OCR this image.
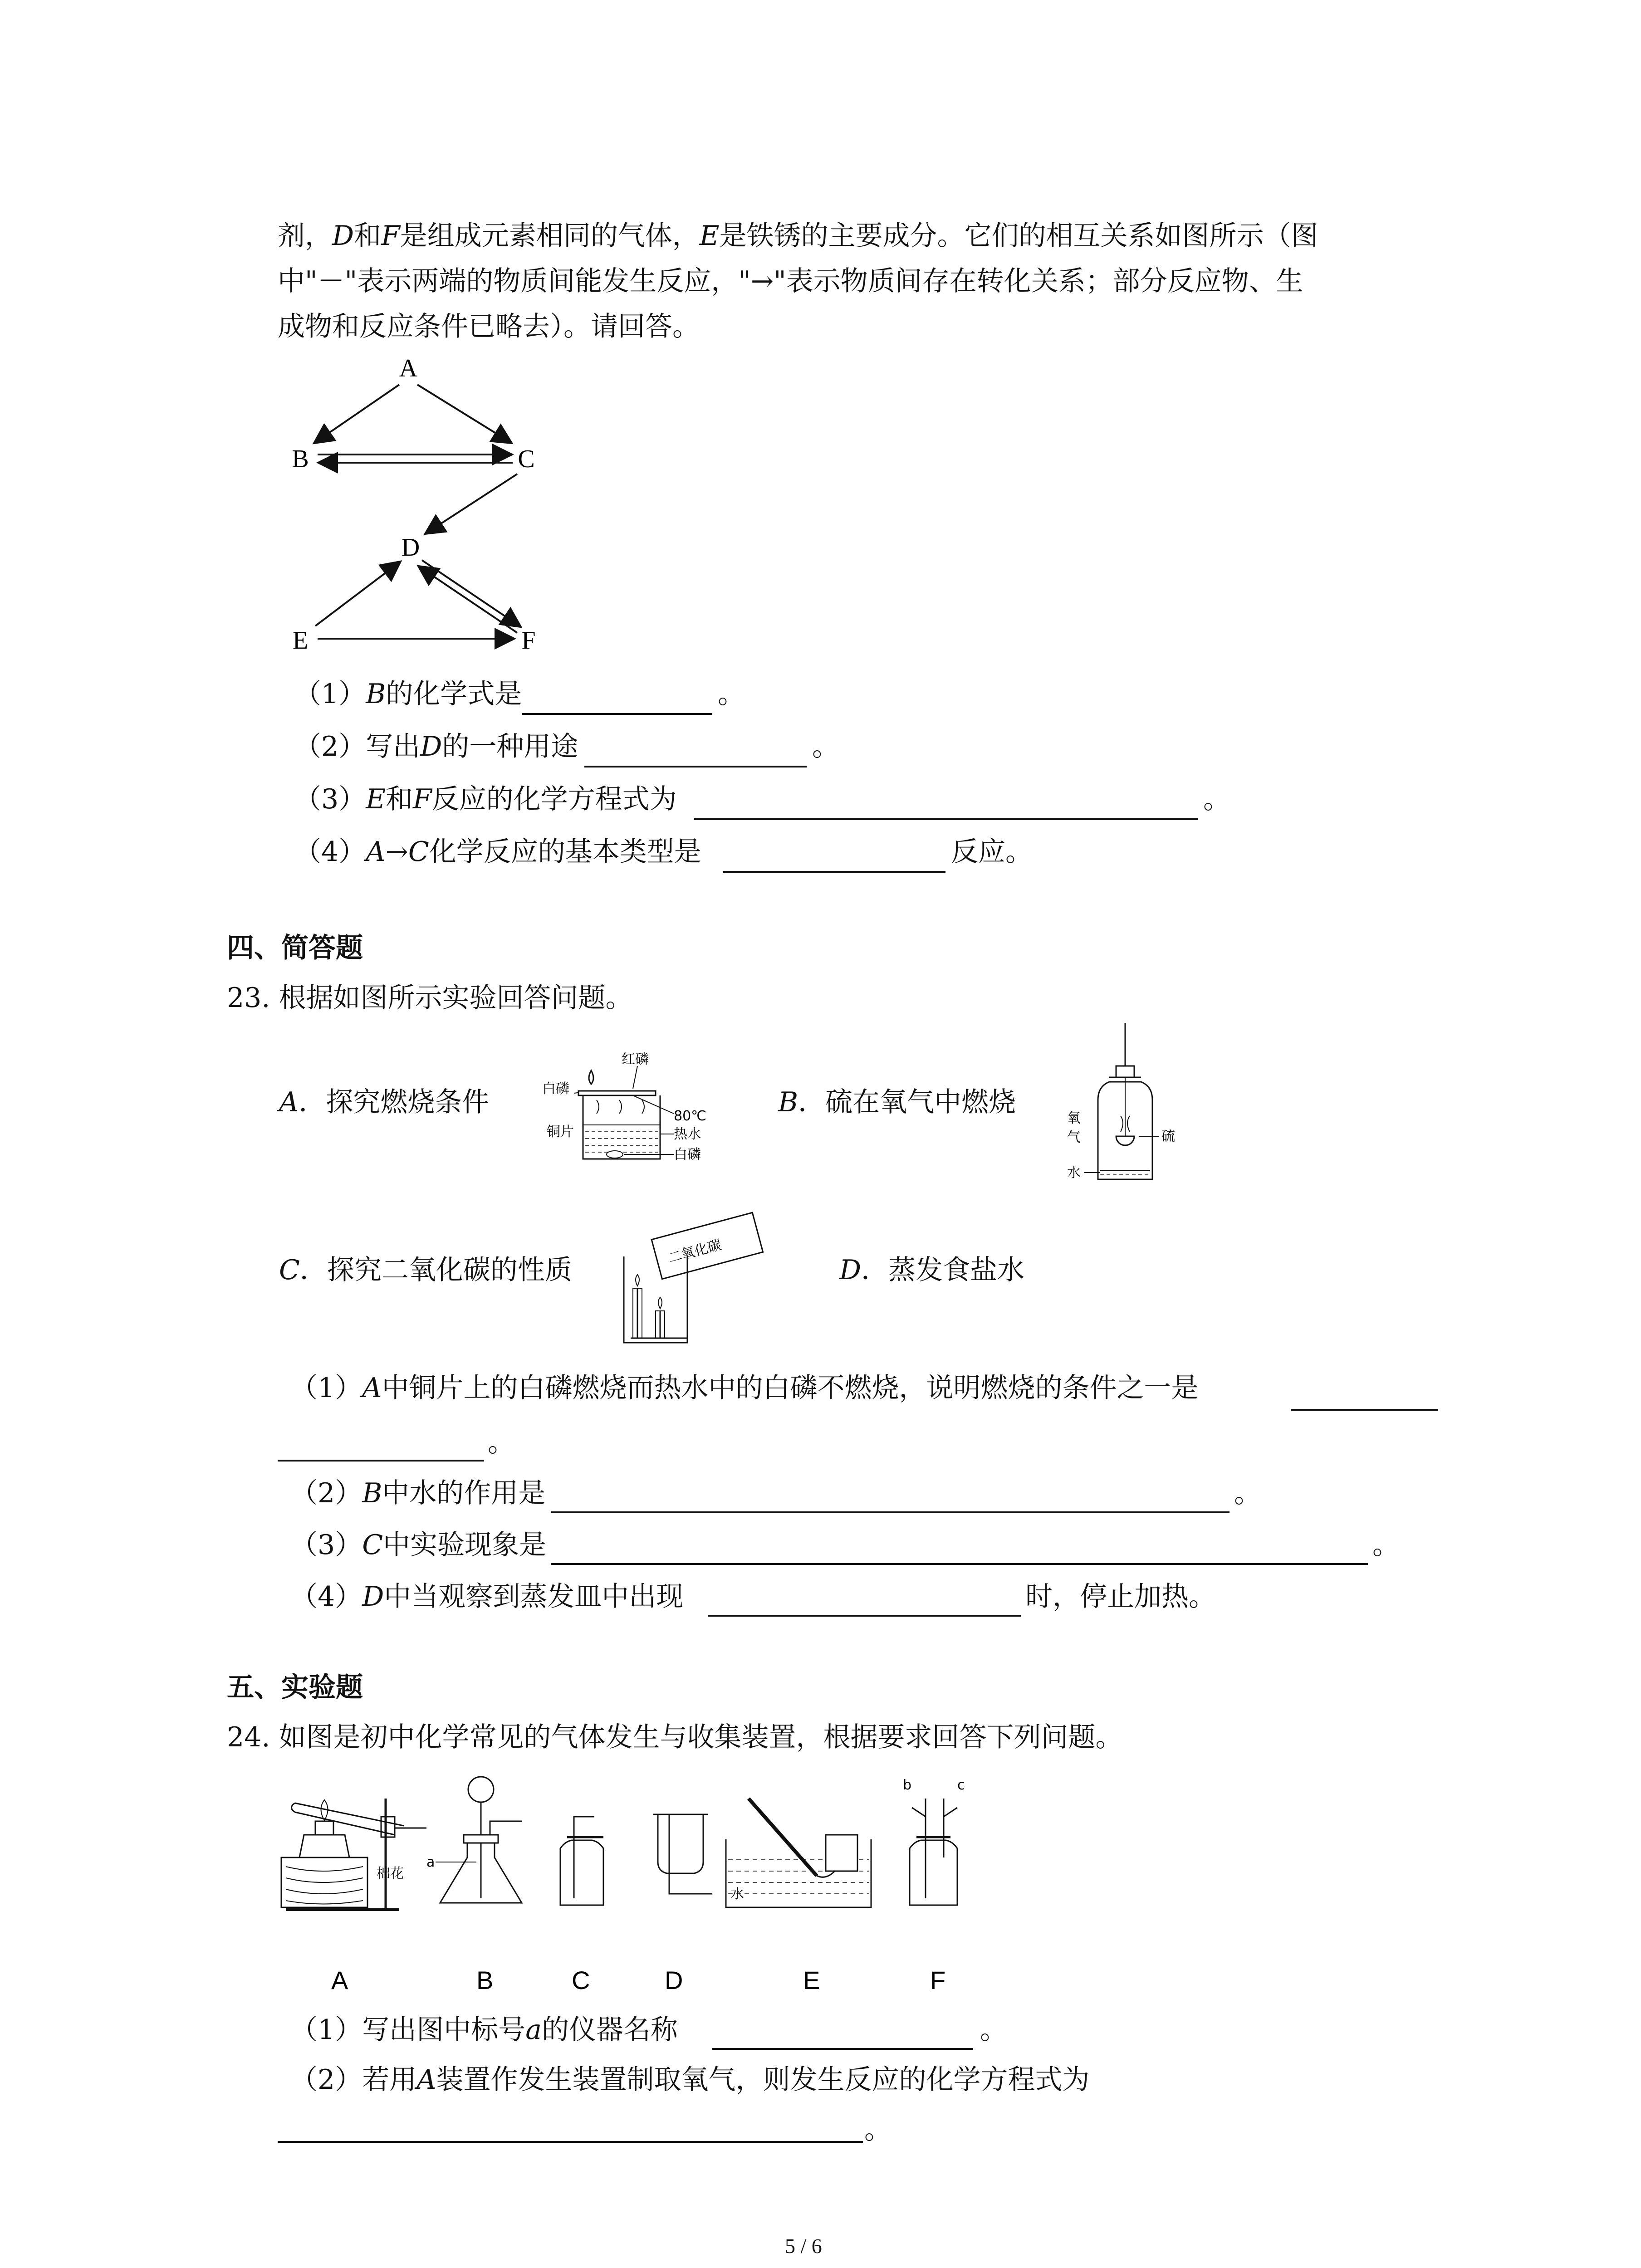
剂，D和F是组成元素相同的气体，E是铁锈的主要成分。它们的相互关系如图所示（图
中"－"表示两端的物质间能发生反应，"→"表示物质间存在转化关系；部分反应物、生
成物和反应条件已略去）。请回答。
A
B	C
D
E	F
（1）B的化学式是	。
（2）写出D的一种用途	。
（3）E和F反应的化学方程式为	。
（4）A→C化学反应的基本类型是	反应。
四、简答题
23. 根据如图所示实验回答问题。
A．探究燃烧条件
红磷
白磷
80℃
铜片	热水
白磷
B．硫在氧气中燃烧
氧
气	硫
水
C．探究二氧化碳的性质
二氧化碳
D．蒸发食盐水
（1）A中铜片上的白磷燃烧而热水中的白磷不燃烧，说明燃烧的条件之一是
。
（2）B中水的作用是	。
（3）C中实验现象是	。
（4）D中当观察到蒸发皿中出现	时，停止加热。
五、实验题
24. 如图是初中化学常见的气体发生与收集装置，根据要求回答下列问题。
棉花
A
a
B	C	D
水
E
b	c
F
（1）写出图中标号a的仪器名称	。
（2）若用A装置作发生装置制取氧气，则发生反应的化学方程式为
。
5 / 6
